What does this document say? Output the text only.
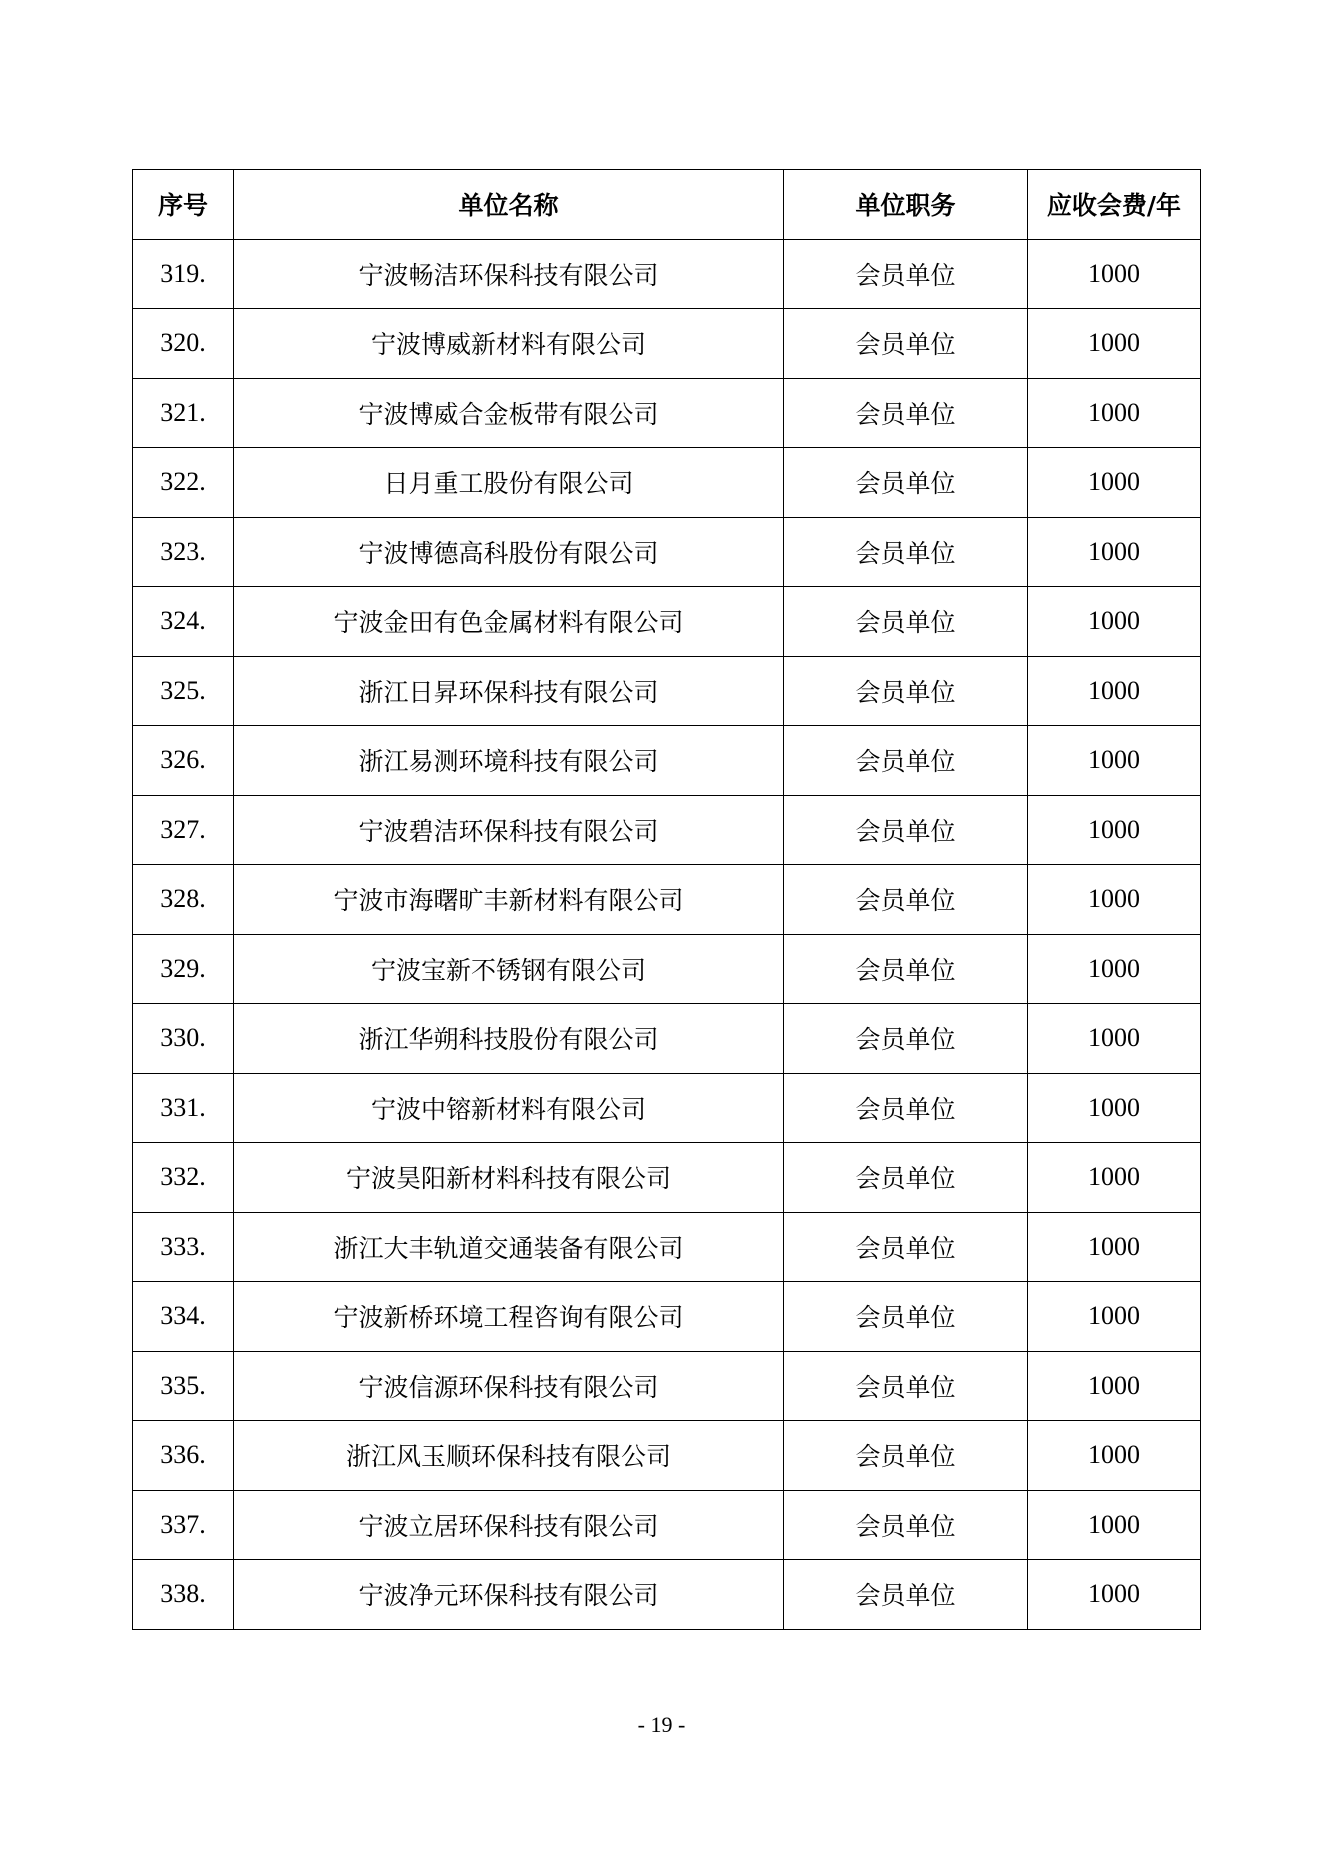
序号	单位名称	单位职务	应收会费/年
319.	宁波畅洁环保科技有限公司	会员单位	1000
320.	宁波博威新材料有限公司	会员单位	1000
321.	宁波博威合金板带有限公司	会员单位	1000
322.	日月重工股份有限公司	会员单位	1000
323.	宁波博德高科股份有限公司	会员单位	1000
324.	宁波金田有色金属材料有限公司	会员单位	1000
325.	浙江日昇环保科技有限公司	会员单位	1000
326.	浙江易测环境科技有限公司	会员单位	1000
327.	宁波碧洁环保科技有限公司	会员单位	1000
328.	宁波市海曙旷丰新材料有限公司	会员单位	1000
329.	宁波宝新不锈钢有限公司	会员单位	1000
330.	浙江华朔科技股份有限公司	会员单位	1000
331.	宁波中镕新材料有限公司	会员单位	1000
332.	宁波昊阳新材料科技有限公司	会员单位	1000
333.	浙江大丰轨道交通装备有限公司	会员单位	1000
334.	宁波新桥环境工程咨询有限公司	会员单位	1000
335.	宁波信源环保科技有限公司	会员单位	1000
336.	浙江风玉顺环保科技有限公司	会员单位	1000
337.	宁波立居环保科技有限公司	会员单位	1000
338.	宁波净元环保科技有限公司	会员单位	1000
- 19 -
